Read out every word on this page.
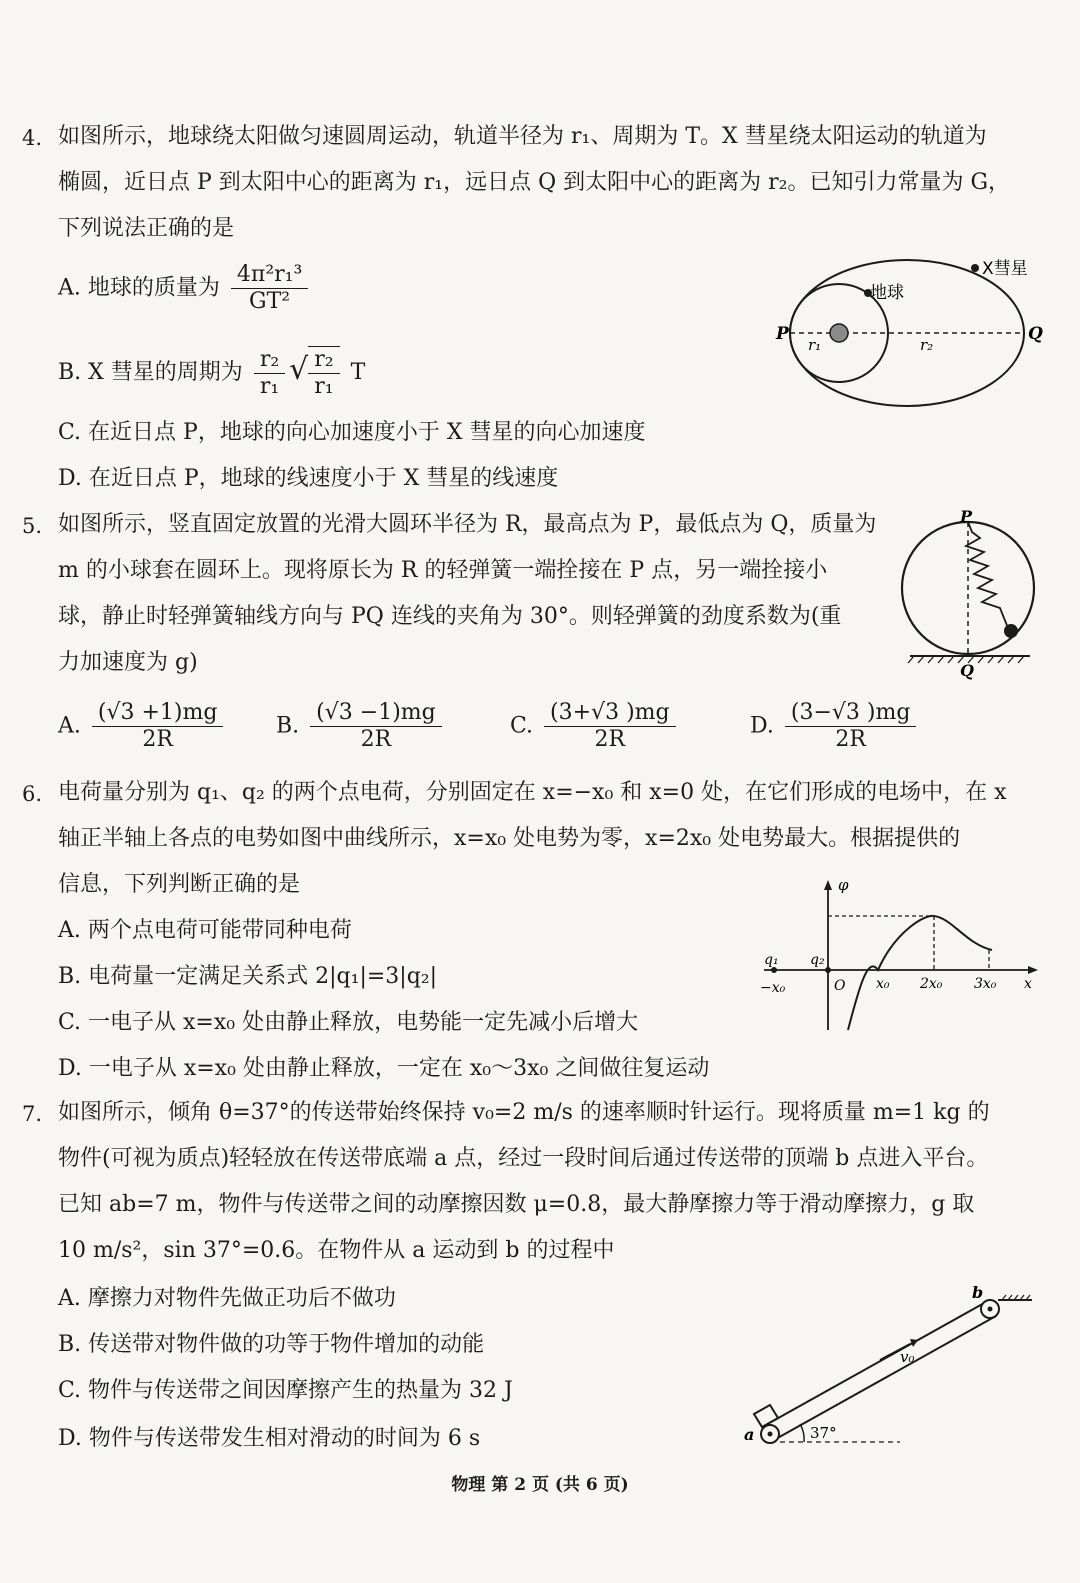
4. 如图所示，地球绕太阳做匀速圆周运动，轨道半径为 r₁、周期为 T。X 彗星绕太阳运动的轨道为
椭圆，近日点 P 到太阳中心的距离为 r₁，远日点 Q 到太阳中心的距离为 r₂。已知引力常量为 G，
下列说法正确的是
A. 地球的质量为 $\frac{\text{4π²r₁³}}{\text{GT²}}$
B. X 彗星的周期为 $\frac{\text{r₂}}{\text{r₁}}$ √ $\frac{\text{r₂}}{\text{r₁}}$ T
C. 在近日点 P，地球的向心加速度小于 X 彗星的向心加速度
D. 在近日点 P，地球的线速度小于 X 彗星的线速度
X彗星
地球
P	Q
r₁	r₂
5. 如图所示，竖直固定放置的光滑大圆环半径为 R，最高点为 P，最低点为 Q，质量为
m 的小球套在圆环上。现将原长为 R 的轻弹簧一端拴接在 P 点，另一端拴接小
球，静止时轻弹簧轴线方向与 PQ 连线的夹角为 30°。则轻弹簧的劲度系数为(重
力加速度为 g)
A. $\frac{(√3 +1)mg}{2R} B$. $\frac{(√3 -1)mg}{2R}$	C. $\frac{(3+√3 )mg}{2R}$	D. $\frac{(3-√3 )mg}{2R}$
P
Q
6. 电荷量分别为 q₁、q₂ 的两个点电荷，分别固定在 x=−x₀ 和 x=0 处，在它们形成的电场中，在 x
轴正半轴上各点的电势如图中曲线所示，x=x₀ 处电势为零，x=2x₀ 处电势最大。根据提供的
信息，下列判断正确的是
A. 两个点电荷可能带同种电荷
B. 电荷量一定满足关系式 2|q₁|=3|q₂|
C. 一电子从 x=x₀ 处由静止释放，电势能一定先减小后增大
D. 一电子从 x=x₀ 处由静止释放，一定在 x₀～3x₀ 之间做往复运动
φ
q₁ q₂
−x₀	O x₀ 2x₀ 3x₀ x
7. 如图所示，倾角 θ=37°的传送带始终保持 v₀=2 m/s 的速率顺时针运行。现将质量 m=1 kg 的
物件(可视为质点)轻轻放在传送带底端 a 点，经过一段时间后通过传送带的顶端 b 点进入平台。
已知 ab=7 m，物件与传送带之间的动摩擦因数 μ=0.8，最大静摩擦力等于滑动摩擦力，g 取
10 m/s²，sin 37°=0.6。在物件从 a 运动到 b 的过程中
A. 摩擦力对物件先做正功后不做功
B. 传送带对物件做的功等于物件增加的动能
C. 物件与传送带之间因摩擦产生的热量为 32 J
D. 物件与传送带发生相对滑动的时间为 6 s	a
b
v₀
37°
物理 第 2 页 (共 6 页)
